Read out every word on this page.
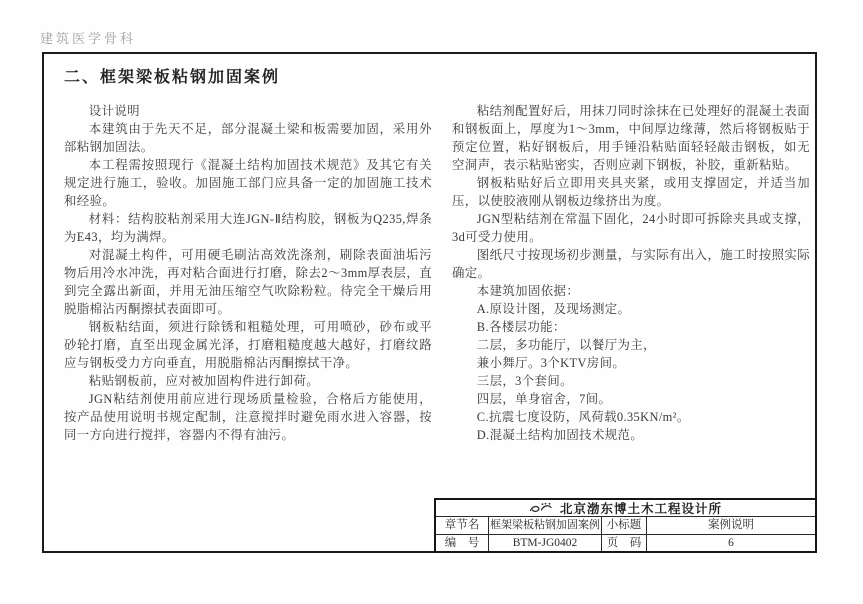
建筑医学骨科
二、框架梁板粘钢加固案例

设计说明

本建筑由于先天不足，部分混凝土梁和板需要加固，采用外部粘钢加固法。

本工程需按照现行《混凝土结构加固技术规范》及其它有关规定进行施工，验收。加固施工部门应具备一定的加固施工技术和经验。

材料：结构胶粘剂采用大连JGN-Ⅱ结构胶，钢板为Q235,焊条为E43，均为满焊。

对混凝土构件，可用硬毛刷沾高效洗涤剂，刷除表面油垢污物后用冷水冲洗，再对粘合面进行打磨，除去2～3mm厚表层，直到完全露出新面，并用无油压缩空气吹除粉粒。待完全干燥后用脱脂棉沾丙酮擦拭表面即可。

钢板粘结面，须进行除锈和粗糙处理，可用喷砂，砂布或平砂轮打磨，直至出现金属光泽，打磨粗糙度越大越好，打磨纹路应与钢板受力方向垂直，用脱脂棉沾丙酮擦拭干净。

粘贴钢板前，应对被加固构件进行卸荷。

JGN粘结剂使用前应进行现场质量检验，合格后方能使用，按产品使用说明书规定配制，注意搅拌时避免雨水进入容器，按同一方向进行搅拌，容器内不得有油污。

粘结剂配置好后，用抹刀同时涂抹在已处理好的混凝土表面和钢板面上，厚度为1～3mm，中间厚边缘薄，然后将钢板贴于预定位置，粘好钢板后，用手锤沿粘贴面轻轻敲击钢板，如无空洞声，表示粘贴密实，否则应剥下钢板，补胶，重新粘贴。

钢板粘贴好后立即用夹具夹紧，或用支撑固定，并适当加压，以使胶液刚从钢板边缘挤出为度。

JGN型粘结剂在常温下固化，24小时即可拆除夹具或支撑，3d可受力使用。

图纸尺寸按现场初步测量，与实际有出入，施工时按照实际确定。

本建筑加固依据：

A.原设计图，及现场测定。

B.各楼层功能：

二层，多功能厅，以餐厅为主，

兼小舞厅。3个KTV房间。

三层，3个套间。

四层，单身宿舍，7间。

C.抗震七度设防，风荷载0.35KN/m²。

D.混凝土结构加固技术规范。

北京渤东博土木工程设计所
章节名 框架梁板粘钢加固案例 小标题	案例说明
编　号	BTM-JG0402	页　码	6
